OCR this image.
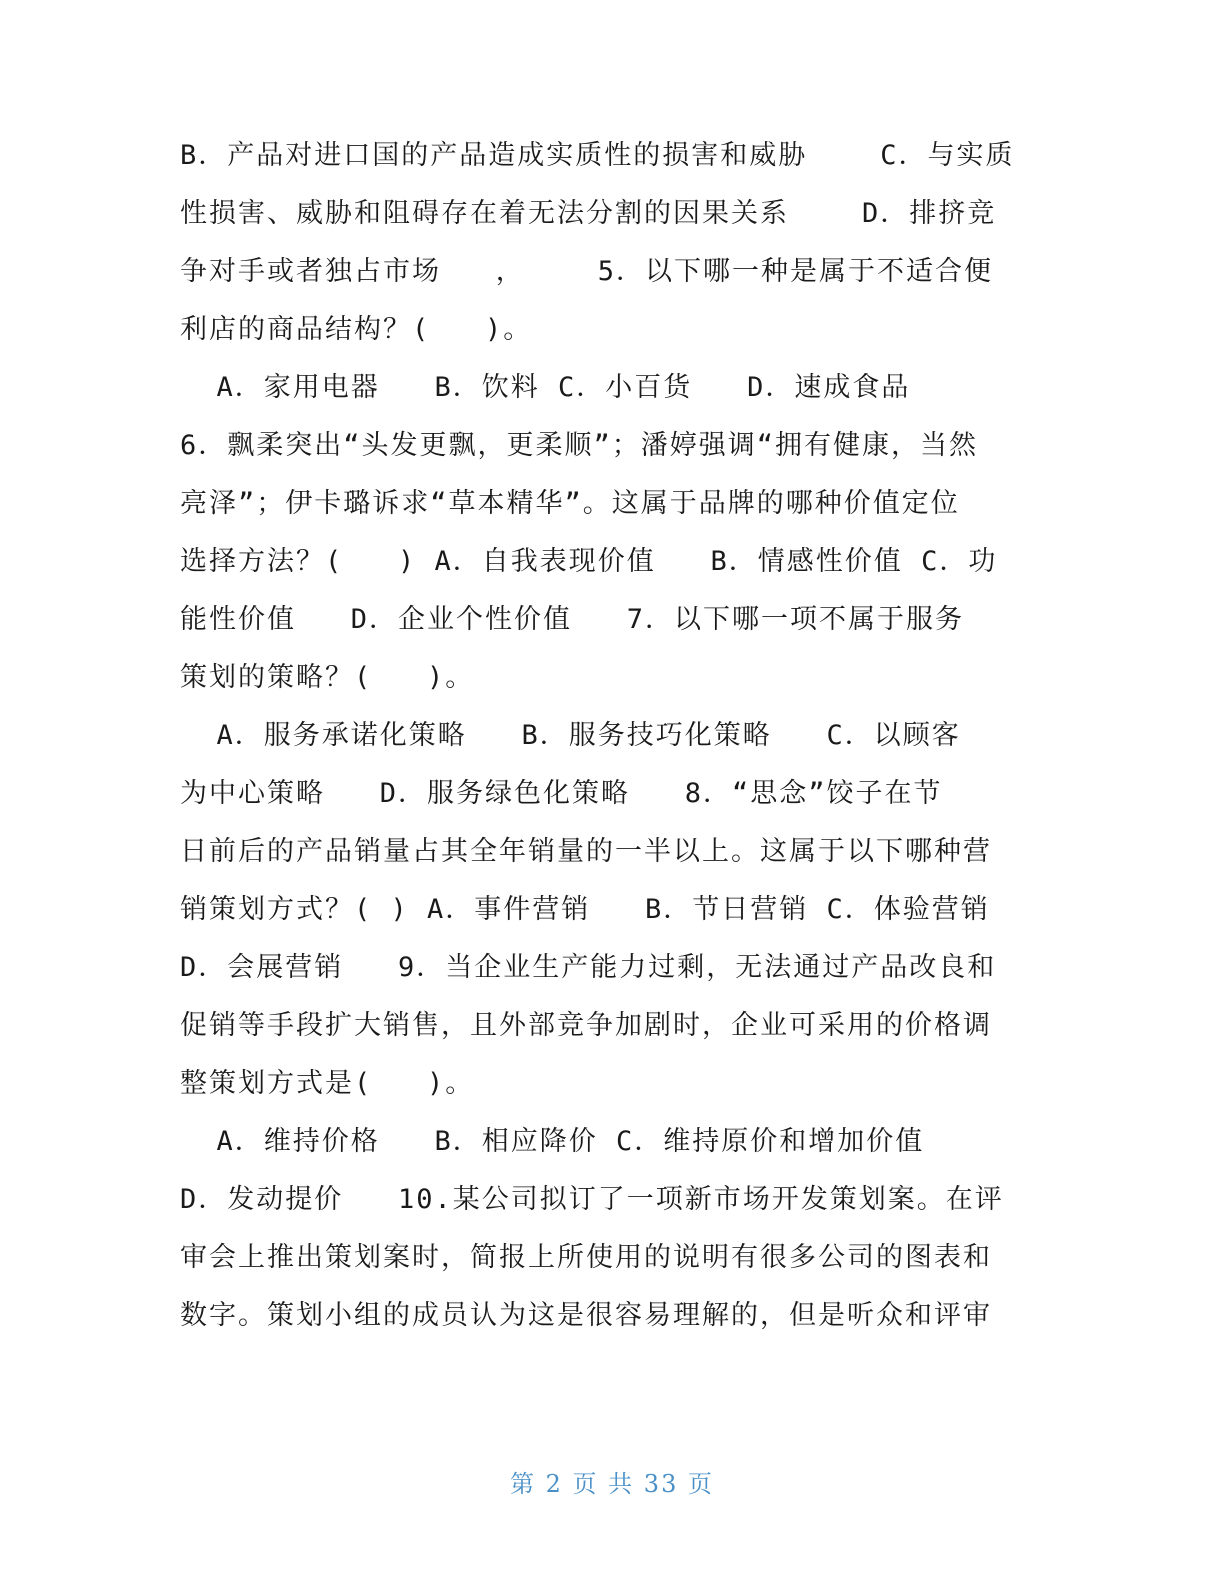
B．产品对进口国的产品造成实质性的损害和威胁    C．与实质
性损害、威胁和阻碍存在着无法分割的因果关系    D．排挤竞
争对手或者独占市场   ，    5．以下哪一种是属于不适合便
利店的商品结构？(   )。
A．家用电器   B．饮料 C．小百货   D．速成食品
6．飘柔突出“头发更飘，更柔顺”；潘婷强调“拥有健康，当然
亮泽”；伊卡璐诉求“草本精华”。这属于品牌的哪种价值定位
选择方法？(   ) A．自我表现价值   B．情感性价值 C．功
能性价值   D．企业个性价值   7．以下哪一项不属于服务
策划的策略？(   )。
A．服务承诺化策略   B．服务技巧化策略   C．以顾客
为中心策略   D．服务绿色化策略   8．“思念”饺子在节
日前后的产品销量占其全年销量的一半以上。这属于以下哪种营
销策划方式？( ) A．事件营销   B．节日营销 C．体验营销
D．会展营销   9．当企业生产能力过剩，无法通过产品改良和
促销等手段扩大销售，且外部竞争加剧时，企业可采用的价格调
整策划方式是(   )。
A．维持价格   B．相应降价 C．维持原价和增加价值
D．发动提价   10.某公司拟订了一项新市场开发策划案。在评
审会上推出策划案时，简报上所使用的说明有很多公司的图表和
数字。策划小组的成员认为这是很容易理解的，但是听众和评审
第 2 页 共 33 页
